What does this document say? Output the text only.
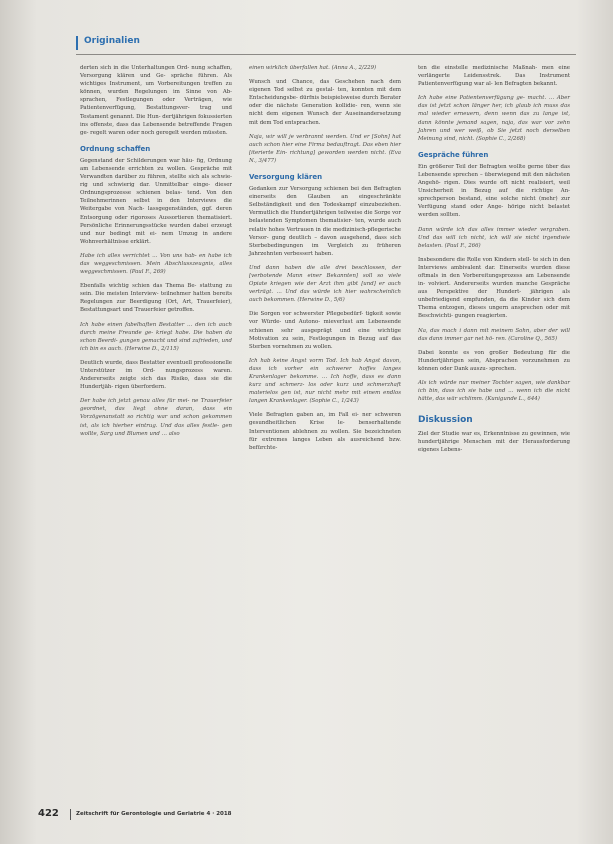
Originalien

derten sich in die Unterhaltungen Ord- nung schaffen, Versorgung klären und Ge- spräche führen. Als wichtiges Instrument, um Vorbereitungen treffen zu können, wurden Regelungen im Sinne von Ab- sprachen, Festlegungen oder Verträgen, wie Patientenverfügung, Bestattungsver- trag und Testament genannt. Die Hun- dertjährigen fokussierten ins offenste, dass das Lebensende betreffende Fragen ge- regelt waren oder noch geregelt werden müssten.

Ordnung schaffen

Gegenstand der Schilderungen war häu- fig, Ordnung am Lebensende errichten zu wollen. Gespräche mit Verwandten darüber zu führen, stellte sich als schwie- rig und schwierig dar. Unmittelbar einge- dieser Ordnungsprozesse schienen belas- tend. Von den Teilnehmerinnen selbst in den Interviews die Weitergabe von Nach- lassgegenständen, ggf. deren Entsorgung oder rigoroses Aussortieren thematisiert. Persönliche Erinnerungsstücke wurden dabei erzeugt und nur bedingt mit ei- nem Umzug in andere Wohnverhältnisse erklärt.

Habe ich alles verrichtet … Von uns hab- en habe ich das weggeschmissen. Mein Abschlusszeugnis, alles weggeschmissen. (Paul F., 269)

Ebenfalls wichtig schien das Thema Be- stattung zu sein. Die meisten Interview- teilnehmer hatten bereits Regelungen zur Beerdigung (Ort, Art, Trauerfeier), Bestattungsart und Trauerfeier getroffen.

Ich habe einen fabelhaften Bestatter … den ich auch durch meine Freunde ge- kriegt habe. Die haben da schon Beerdi- gungen gemacht und sind zufrieden, und ich bin es auch. (Herwine D., 2/115)

Deutlich wurde, dass Bestatter eventuell professionelle Unterstützer im Ord- nungsprozess waren. Andererseits zeigte sich das Risiko, dass sie die Hundertjäh- rigen überfordern.

Der habe ich jetzt genau alles für mei- ne Trauerfeier geordnet, das liegt ohne daran, dass ein Vorzögenanstatt so richtig war und schon gekommen ist, als ich hierher eintrug. Und das alles festle- gen wollte, Sarg und Blumen und … also

einen wirklich überfallen hat. (Anna A., 2/229)

Wunsch und Chance, das Geschehen nach dem eigenen Tod selbst zu gestal- ten, konnten mit dem Entscheidungsbe- dürfnis beispielsweise durch Berater oder die nächste Generation kollidie- ren, wenn sie nicht dem eigenen Wunsch der Auseinandersetzung mit dem Tod entsprachen.

Naja, wir will je verbrannt werden. Und er [Sohn] hat auch schon hier eine Firma bedauftragt. Das eben hier [iterierte Ein- richtung] geworden werden nicht. (Eva N., 3/477)

Versorgung klären

Gedanken zur Versorgung schienen bei den Befragten einerseits den Glauben an eingeschränkte Selbständigkeit und den Todeskampf einzubeziehen. Vermutlich die Hundertjährigen teilweise die Sorge vor belastenden Symptomen thematisier- ten, wurde auch relativ hohes Vertrauen in die medizinisch-pflegerische Versor- gung deutlich – davon ausgehend, dass sich Sterbebedingungen im Vergleich zu früheren Jahrzehnten verbessert haben.

Und dann haben die alle drei beschlossen, der [verbotende Mann einer Bekannten] soll so viele Opiate kriegen wie der Arzt ihm gibt [und] er auch verträgt. … Und das würde ich hier wahrscheinlich auch bekommen. (Herwine D., 5/6)

Die Sorgen vor schwerster Pflegebedürf- tigkeit sowie vor Würde- und Autono- mieverlust am Lebensende schienen sehr ausgeprägt und eine wichtige Motivation zu sein, Festlegungen in Bezug auf das Sterben vornehmen zu wollen.

Ich hab keine Angst vorm Tod. Ich hab Angst davon, dass ich vorher ein schwerer hoffes langes Krankenlager bekomme. … Ich hoffe, dass es dann kurz und schmerz- los oder kurz und schmerzhaft materielos gen ist, nur nicht mehr mit einem endlos langen Krankenlager. (Sophie C., 1/243)

Viele Befragten gaben an, im Fall ei- ner schweren gesundheitlichen Krise le- benserhaltende Interventionen ablehnen zu wollen. Sie bezeichneten für extremes langes Leben als ausreichend bzw. befürchte-

ten die einstelle medizinische Maßnah- men eine verlängerte Leidensstrek. Das Instrument Patientenverfügung war al- len Befragten bekannt.

Ich habe eine Patientenverfügung ge- macht. … Aber das ist jetzt schon länger her, ich glaub ich muss das mal wieder erneuern, denn wenn das zu lange ist, dann könnte jemand sagen, naja, das war vor zehn Jahren und wer weiß, ob Sie jetzt noch derselben Meinung sind, nicht. (Sophie C., 2/268)

Gespräche führen

Ein größerer Teil der Befragten wollte gerne über das Lebensende sprechen – überwiegend mit den nächsten Angehö- rigen. Dies wurde oft nicht realisiert, weil Unsicherheit in Bezug auf die richtige An- sprechperson bestand, eine solche nicht (mehr) zur Verfügung stand oder Ange- hörige nicht belastet werden sollten.

Dann würde ich das alles immer wieder vergraben. Und das will ich nicht, ich will sie nicht irgendwie belasten. (Paul F., 266)

Insbesondere die Rolle von Kindern stell- te sich in den Interviews ambivalent dar. Einerseits wurden diese oftmals in den Vorbereitungsprozess am Lebensende in- volviert. Andererseits wurden manche Gespräche aus Perspektive der Hundert- jährigen als unbefriedigend empfunden, da die Kinder sich dem Thema entzogen, dieses ungern ansprechen oder mit Beschwichti- gungen reagierten.

Na, das mach i dann mit meinem Sohn, aber der will das dann immer gar net hö- ren. (Caroline Q., 565)

Dabei konnte es von großer Bedeutung für die Hundertjährigen sein, Absprachen vorzunehmen zu können oder Dank auszu- sprechen.

Als ich würde nur meiner Tochter sagen, wie dankbar ich bin, dass ich sie habe und … wenn ich die nicht hätte, das wär schlimm. (Kunigunde L., 644)

Diskussion

Ziel der Studie war es, Erkenntnisse zu gewinnen, wie hundertjährige Menschen mit der Herausforderung eigenes Lebens-

422	Zeitschrift für Gerontologie und Geriatrie 4 · 2018
